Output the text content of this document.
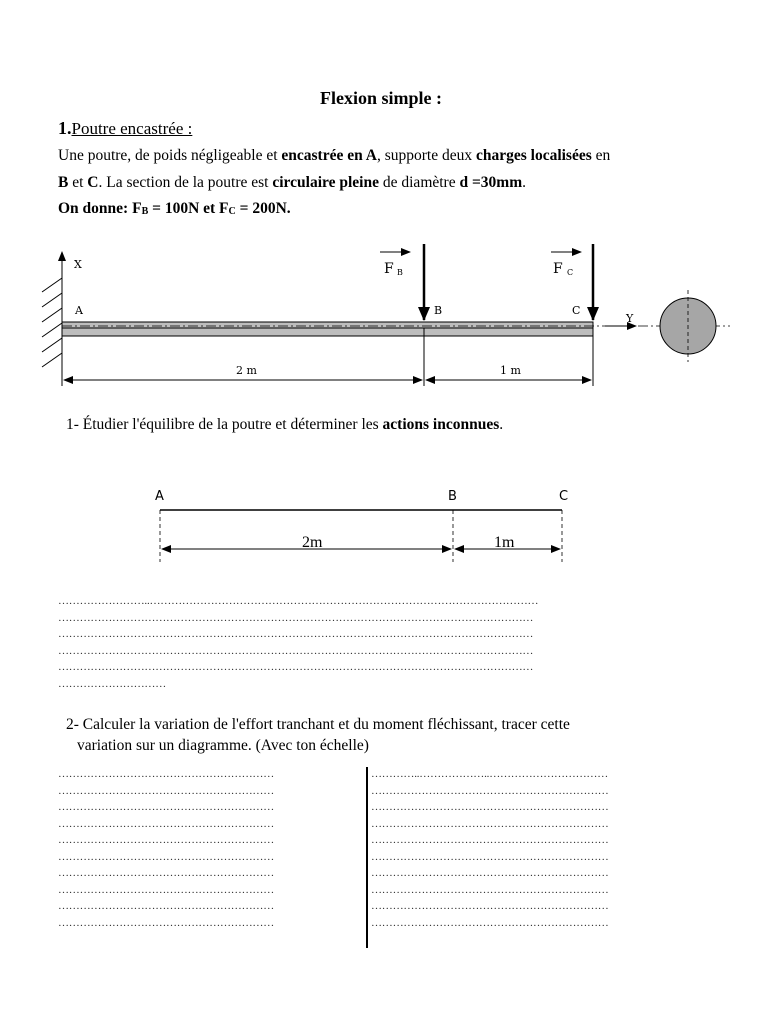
Flexion simple :
1.Poutre encastrée :
Une poutre, de poids négligeable et encastrée en A, supporte deux charges localisées en
B et C. La section de la poutre est circulaire pleine de diamètre d =30mm.
On donne: $F_B = 100N$ et $F_C = 200N$.
X
Y
A	B	C
F B	F C
2 m	1 m
A	B	C
2m	1m
1- Étudier l'équilibre de la poutre et déterminer les actions inconnues.
……………………..………………………………………………………………………………………………
……………………………………………………………………………………………………………………
……………………………………………………………………………………………………………………
……………………………………………………………………………………………………………………
……………………………………………………………………………………………………………………
…………………………
2- Calculer la variation de l'effort tranchant et du moment fléchissant, tracer cette
variation sur un diagramme. (Avec ton échelle)
……………………………………………………
……………………………………………………
……………………………………………………
……………………………………………………
……………………………………………………
……………………………………………………
……………………………………………………
……………………………………………………
……………………………………………………
……………………………………………………
…………..………………..……………………………
…………………………………………………………
…………………………………………………………
…………………………………………………………
…………………………………………………………
…………………………………………………………
…………………………………………………………
…………………………………………………………
…………………………………………………………
…………………………………………………………
